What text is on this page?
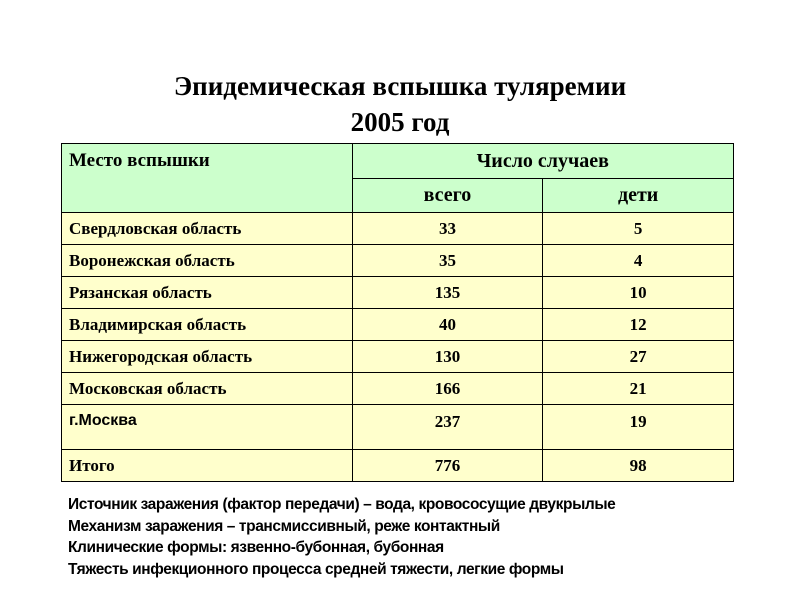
Эпидемическая вспышка туляремии
2005 год
Место вспышки	Число случаев	
	всего	дети
Свердловская область	33	5
Воронежская область	35	4
Рязанская область	135	10
Владимирская область	40	12
Нижегородская область	130	27
Московская область	166	21
г.Москва	237	19
Итого	776	98
Источник заражения (фактор передачи) – вода, кровососущие двукрылые
Механизм заражения – трансмиссивный, реже контактный
Клинические формы: язвенно-бубонная, бубонная
Тяжесть инфекционного процесса средней тяжести, легкие формы
